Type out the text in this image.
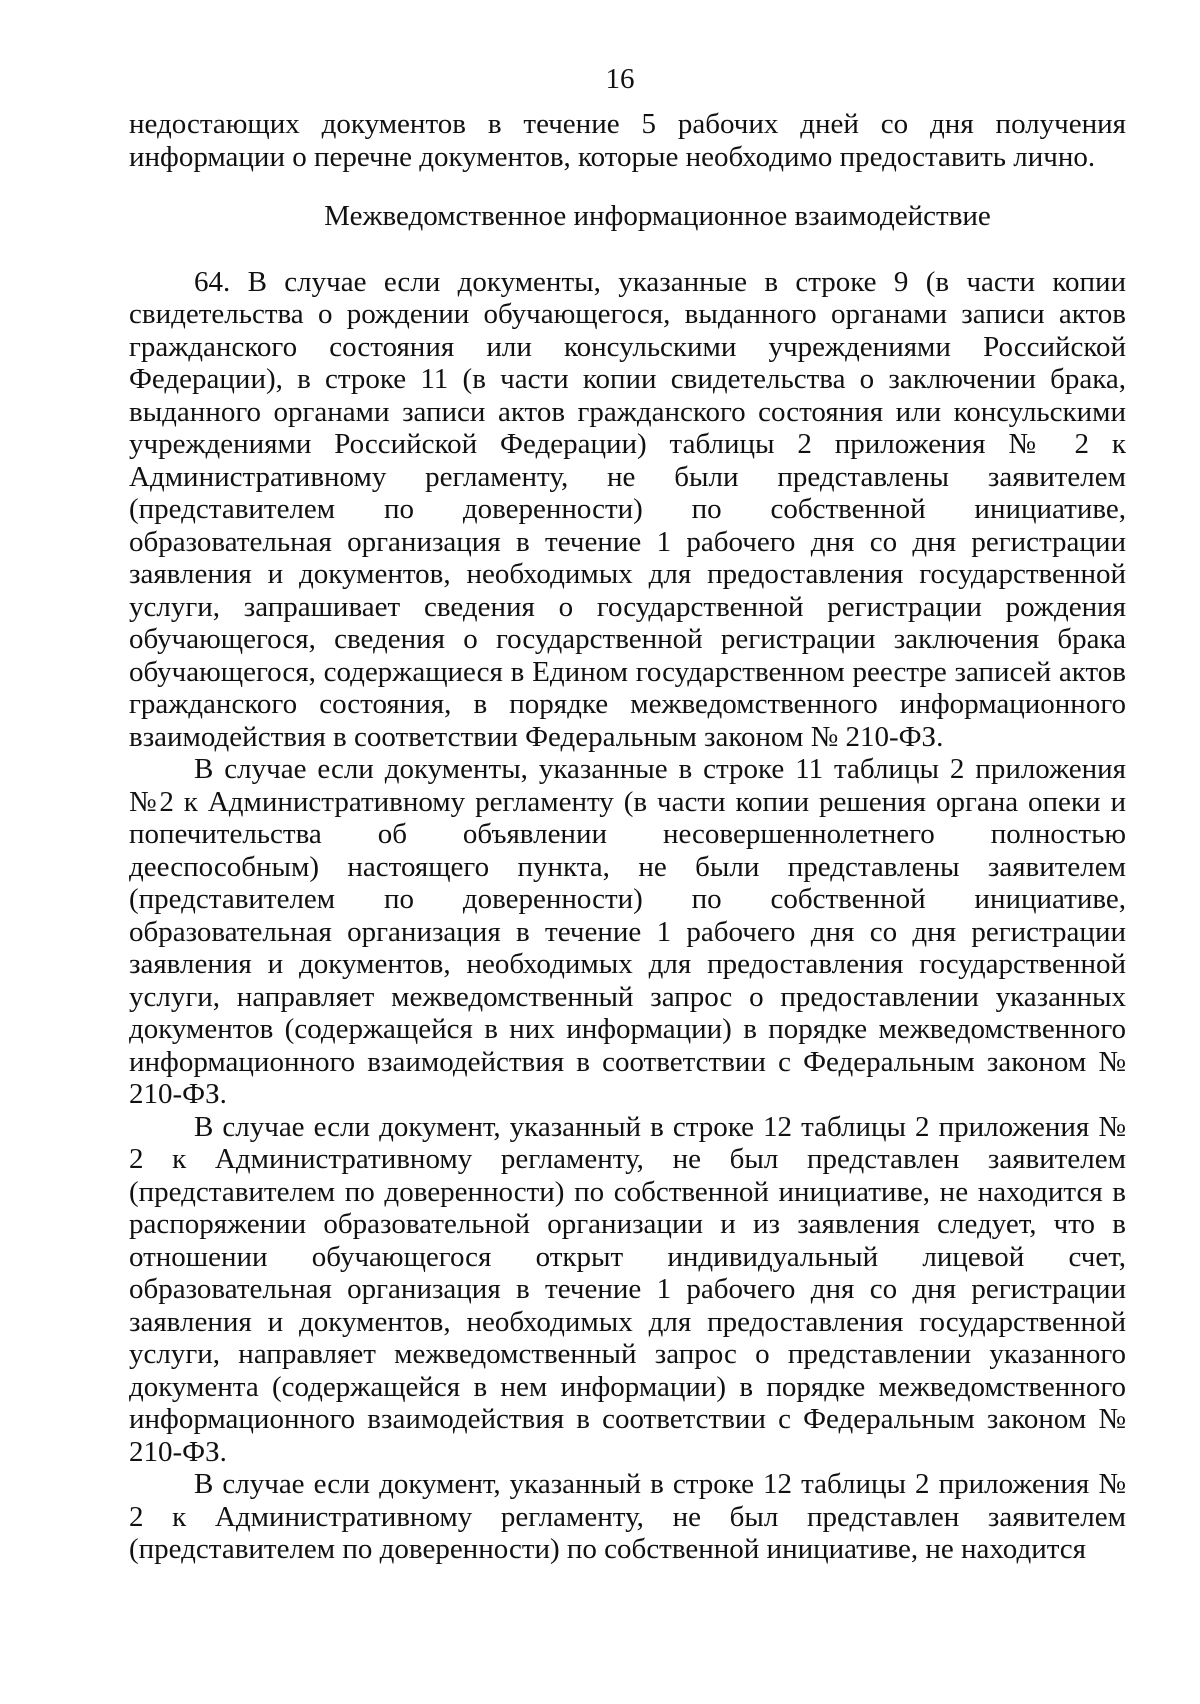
16

недостающих документов в течение 5 рабочих дней со дня получения информации о перечне документов, которые необходимо предоставить лично.

Межведомственное информационное взаимодействие

64. В случае если документы, указанные в строке 9 (в части копии свидетельства о рождении обучающегося, выданного органами записи актов гражданского состояния или консульскими учреждениями Российской Федерации), в строке 11 (в части копии свидетельства о заключении брака, выданного органами записи актов гражданского состояния или консульскими учреждениями Российской Федерации) таблицы 2 приложения № 2 к Административному регламенту, не были представлены заявителем (представителем по доверенности) по собственной инициативе, образовательная организация в течение 1 рабочего дня со дня регистрации заявления и документов, необходимых для предоставления государственной услуги, запрашивает сведения о государственной регистрации рождения обучающегося, сведения о государственной регистрации заключения брака обучающегося, содержащиеся в Едином государственном реестре записей актов гражданского состояния, в порядке межведомственного информационного взаимодействия в соответствии Федеральным законом № 210-ФЗ.

В случае если документы, указанные в строке 11 таблицы 2 приложения №2 к Административному регламенту (в части копии решения органа опеки и попечительства об объявлении несовершеннолетнего полностью дееспособным) настоящего пункта, не были представлены заявителем (представителем по доверенности) по собственной инициативе, образовательная организация в течение 1 рабочего дня со дня регистрации заявления и документов, необходимых для предоставления государственной услуги, направляет межведомственный запрос о предоставлении указанных документов (содержащейся в них информации) в порядке межведомственного информационного взаимодействия в соответствии с Федеральным законом № 210-ФЗ.

В случае если документ, указанный в строке 12 таблицы 2 приложения № 2 к Административному регламенту, не был представлен заявителем (представителем по доверенности) по собственной инициативе, не находится в распоряжении образовательной организации и из заявления следует, что в отношении обучающегося открыт индивидуальный лицевой счет, образовательная организация в течение 1 рабочего дня со дня регистрации заявления и документов, необходимых для предоставления государственной услуги, направляет межведомственный запрос о представлении указанного документа (содержащейся в нем информации) в порядке межведомственного информационного взаимодействия в соответствии с Федеральным законом № 210-ФЗ.

В случае если документ, указанный в строке 12 таблицы 2 приложения № 2 к Административному регламенту, не был представлен заявителем (представителем по доверенности) по собственной инициативе, не находится
